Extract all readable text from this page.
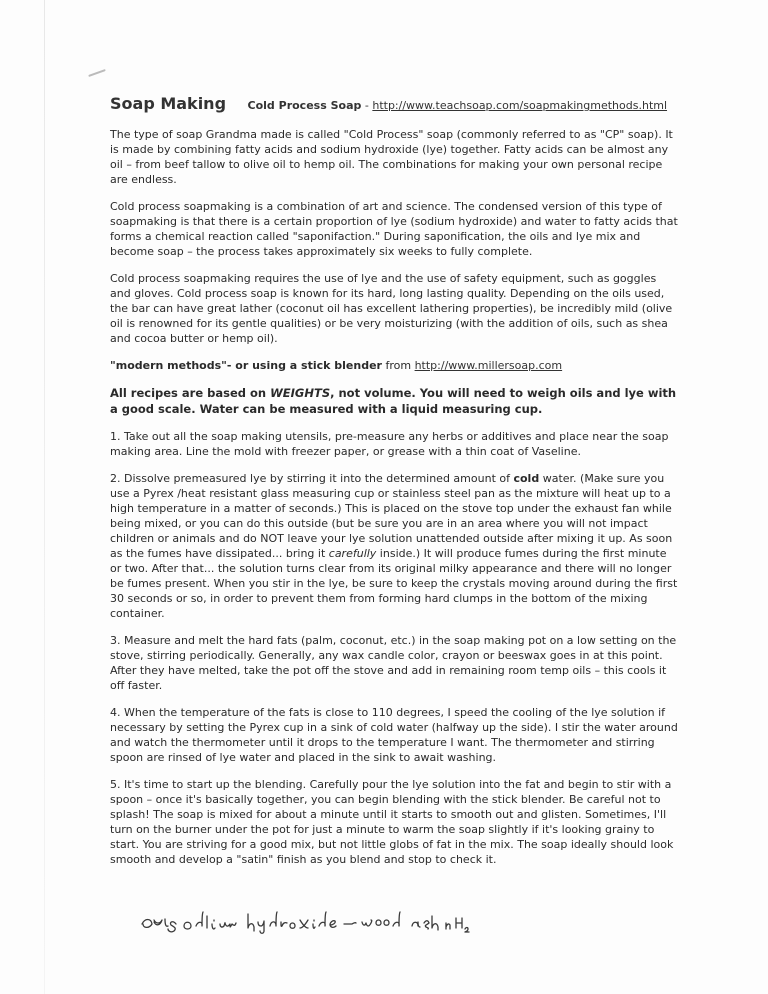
Soap Making Cold Process Soap - http://www.teachsoap.com/soapmakingmethods.html

The type of soap Grandma made is called "Cold Process" soap (commonly referred to as "CP" soap). It is made by combining fatty acids and sodium hydroxide (lye) together. Fatty acids can be almost any oil – from beef tallow to olive oil to hemp oil. The combinations for making your own personal recipe are endless.

Cold process soapmaking is a combination of art and science. The condensed version of this type of soapmaking is that there is a certain proportion of lye (sodium hydroxide) and water to fatty acids that forms a chemical reaction called "saponifaction." During saponification, the oils and lye mix and become soap – the process takes approximately six weeks to fully complete.

Cold process soapmaking requires the use of lye and the use of safety equipment, such as goggles and gloves. Cold process soap is known for its hard, long lasting quality. Depending on the oils used, the bar can have great lather (coconut oil has excellent lathering properties), be incredibly mild (olive oil is renowned for its gentle qualities) or be very moisturizing (with the addition of oils, such as shea and cocoa butter or hemp oil).

"modern methods"- or using a stick blender from http://www.millersoap.com

All recipes are based on WEIGHTS, not volume. You will need to weigh oils and lye with a good scale. Water can be measured with a liquid measuring cup.

1. Take out all the soap making utensils, pre-measure any herbs or additives and place near the soap making area. Line the mold with freezer paper, or grease with a thin coat of Vaseline.

2. Dissolve premeasured lye by stirring it into the determined amount of cold water. (Make sure you use a Pyrex /heat resistant glass measuring cup or stainless steel pan as the mixture will heat up to a high temperature in a matter of seconds.) This is placed on the stove top under the exhaust fan while being mixed, or you can do this outside (but be sure you are in an area where you will not impact children or animals and do NOT leave your lye solution unattended outside after mixing it up. As soon as the fumes have dissipated... bring it carefully inside.) It will produce fumes during the first minute or two. After that... the solution turns clear from its original milky appearance and there will no longer be fumes present. When you stir in the lye, be sure to keep the crystals moving around during the first 30 seconds or so, in order to prevent them from forming hard clumps in the bottom of the mixing container.

3. Measure and melt the hard fats (palm, coconut, etc.) in the soap making pot on a low setting on the stove, stirring periodically. Generally, any wax candle color, crayon or beeswax goes in at this point. After they have melted, take the pot off the stove and add in remaining room temp oils – this cools it off faster.

4. When the temperature of the fats is close to 110 degrees, I speed the cooling of the lye solution if necessary by setting the Pyrex cup in a sink of cold water (halfway up the side). I stir the water around and watch the thermometer until it drops to the temperature I want. The thermometer and stirring spoon are rinsed of lye water and placed in the sink to await washing.

5. It's time to start up the blending. Carefully pour the lye solution into the fat and begin to stir with a spoon – once it's basically together, you can begin blending with the stick blender. Be careful not to splash! The soap is mixed for about a minute until it starts to smooth out and glisten. Sometimes, I'll turn on the burner under the pot for just a minute to warm the soap slightly if it's looking grainy to start. You are striving for a good mix, but not little globs of fat in the mix. The soap ideally should look smooth and develop a "satin" finish as you blend and stop to check it.
